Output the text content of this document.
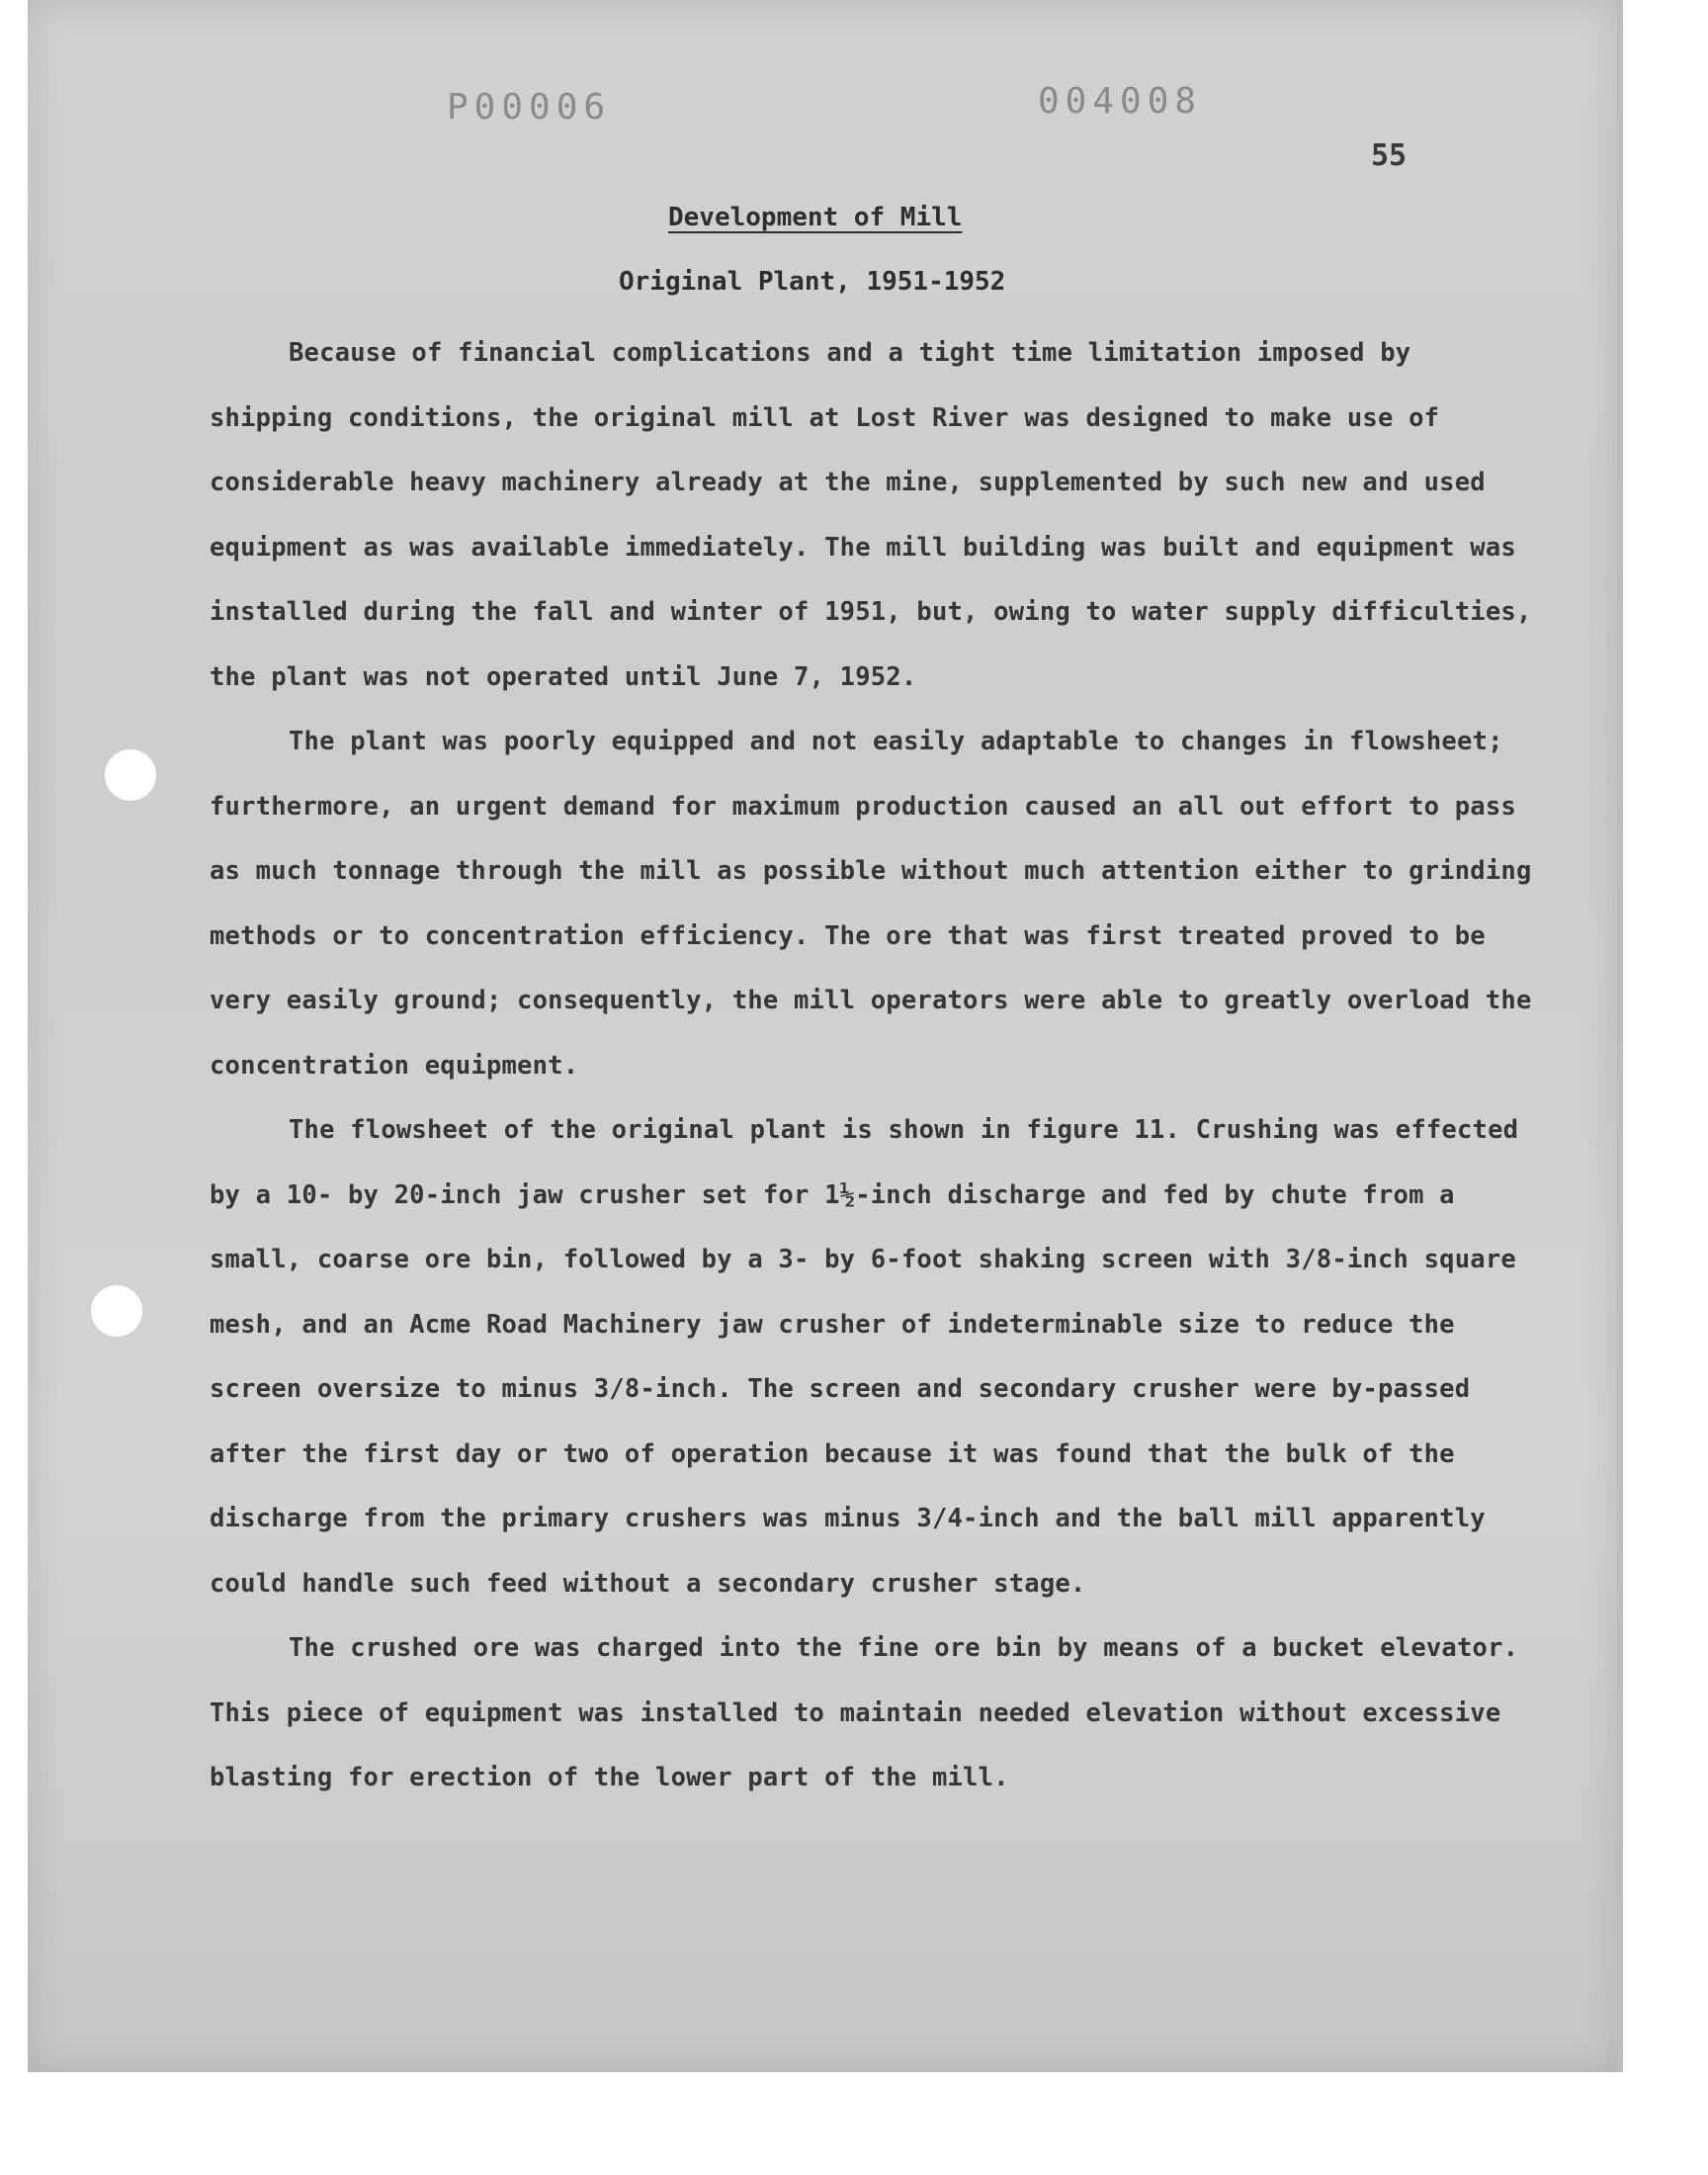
P00006	004008
55
Development of Mill
Original Plant, 1951-1952

Because of financial complications and a tight time limitation imposed by shipping conditions, the original mill at Lost River was designed to make use of considerable heavy machinery already at the mine, supplemented by such new and used equipment as was available immediately. The mill building was built and equipment was installed during the fall and winter of 1951, but, owing to water supply difficulties, the plant was not operated until June 7, 1952.

The plant was poorly equipped and not easily adaptable to changes in flowsheet; furthermore, an urgent demand for maximum production caused an all out effort to pass as much tonnage through the mill as possible without much attention either to grinding methods or to concentration efficiency. The ore that was first treated proved to be very easily ground; consequently, the mill operators were able to greatly overload the concentration equipment.

The flowsheet of the original plant is shown in figure 11. Crushing was effected by a 10- by 20-inch jaw crusher set for 1½-inch discharge and fed by chute from a small, coarse ore bin, followed by a 3- by 6-foot shaking screen with 3/8-inch square mesh, and an Acme Road Machinery jaw crusher of indeterminable size to reduce the screen oversize to minus 3/8-inch. The screen and secondary crusher were by-passed after the first day or two of operation because it was found that the bulk of the discharge from the primary crushers was minus 3/4-inch and the ball mill apparently could handle such feed without a secondary crusher stage.

The crushed ore was charged into the fine ore bin by means of a bucket elevator. This piece of equipment was installed to maintain needed elevation without excessive blasting for erection of the lower part of the mill.
